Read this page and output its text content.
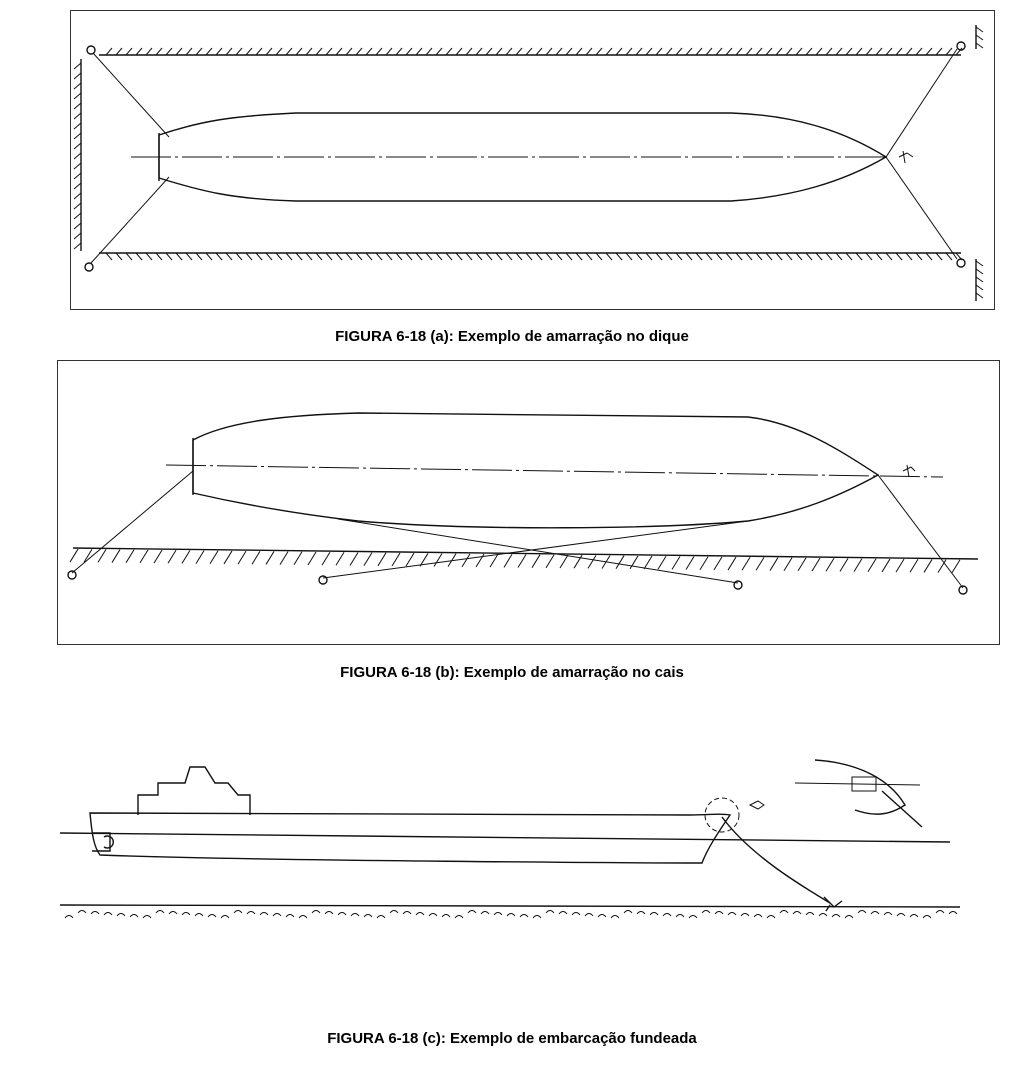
FIGURA 6-18 (a): Exemplo de amarração no dique
FIGURA 6-18 (b): Exemplo de amarração no cais
FIGURA 6-18 (c): Exemplo de embarcação fundeada
